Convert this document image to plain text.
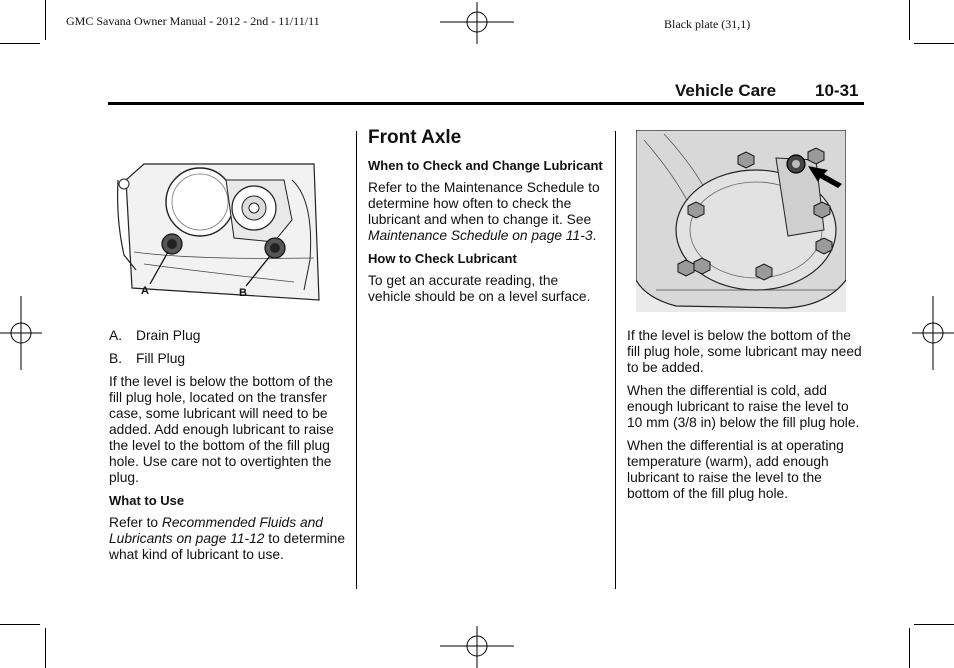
GMC Savana Owner Manual - 2012 - 2nd - 11/11/11	Black plate (31,1)
Vehicle Care 10-31
A	B
A. Drain Plug
B. Fill Plug

If the level is below the bottom of the fill plug hole, located on the transfer case, some lubricant will need to be added. Add enough lubricant to raise the level to the bottom of the fill plug hole. Use care not to overtighten the plug.

What to Use

Refer to Recommended Fluids and Lubricants on page 11-12 to determine what kind of lubricant to use.

Front Axle
When to Check and Change Lubricant

Refer to the Maintenance Schedule to determine how often to check the lubricant and when to change it. See Maintenance Schedule on page 11-3.

How to Check Lubricant

To get an accurate reading, the vehicle should be on a level surface.

If the level is below the bottom of the fill plug hole, some lubricant may need to be added.

When the differential is cold, add enough lubricant to raise the level to 10 mm (3/8 in) below the fill plug hole.

When the differential is at operating temperature (warm), add enough lubricant to raise the level to the bottom of the fill plug hole.
